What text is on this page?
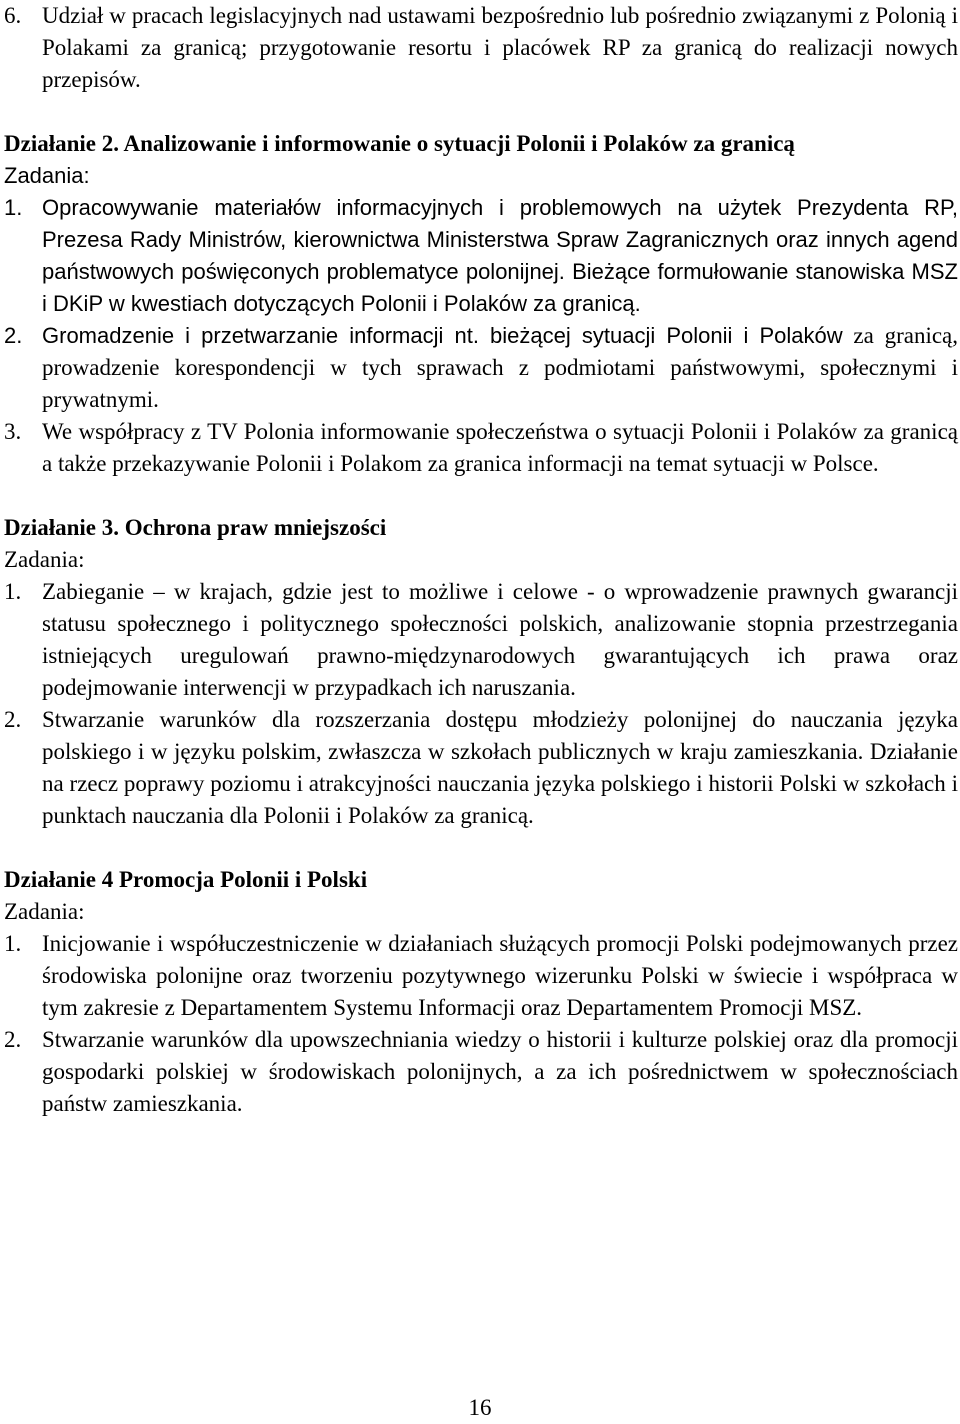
6. Udział w pracach legislacyjnych nad ustawami bezpośrednio lub pośrednio związanymi z Polonią i Polakami za granicą; przygotowanie resortu i placówek RP za granicą do realizacji nowych przepisów.
Działanie 2. Analizowanie i informowanie o sytuacji Polonii i Polaków za granicą
Zadania:
1. Opracowywanie materiałów informacyjnych i problemowych na użytek Prezydenta RP, Prezesa Rady Ministrów, kierownictwa Ministerstwa Spraw Zagranicznych oraz innych agend państwowych poświęconych problematyce polonijnej. Bieżące formułowanie stanowiska MSZ i DKiP w kwestiach dotyczących Polonii i Polaków za granicą.
2. Gromadzenie i przetwarzanie informacji nt. bieżącej sytuacji Polonii i Polaków za granicą, prowadzenie korespondencji w tych sprawach z podmiotami państwowymi, społecznymi i prywatnymi.
3. We współpracy z TV Polonia informowanie społeczeństwa o sytuacji Polonii i Polaków za granicą a także przekazywanie Polonii i Polakom za granica informacji na temat sytuacji w Polsce.
Działanie 3. Ochrona praw mniejszości
Zadania:
1. Zabieganie – w krajach, gdzie jest to możliwe i celowe - o wprowadzenie prawnych gwarancji statusu społecznego i politycznego społeczności polskich, analizowanie stopnia przestrzegania istniejących uregulowań prawno-międzynarodowych gwarantujących ich prawa oraz podejmowanie interwencji w przypadkach ich naruszania.
2. Stwarzanie warunków dla rozszerzania dostępu młodzieży polonijnej do nauczania języka polskiego i w języku polskim, zwłaszcza w szkołach publicznych w kraju zamieszkania. Działanie na rzecz poprawy poziomu i atrakcyjności nauczania języka polskiego i historii Polski w szkołach i punktach nauczania dla Polonii i Polaków za granicą.
Działanie 4 Promocja Polonii i Polski
Zadania:
1. Inicjowanie i współuczestniczenie w działaniach służących promocji Polski podejmowanych przez środowiska polonijne oraz tworzeniu pozytywnego wizerunku Polski w świecie i współpraca w tym zakresie z Departamentem Systemu Informacji oraz Departamentem Promocji MSZ.
2. Stwarzanie warunków dla upowszechniania wiedzy o historii i kulturze polskiej oraz dla promocji gospodarki polskiej w środowiskach polonijnych, a za ich pośrednictwem w społecznościach państw zamieszkania.
16
